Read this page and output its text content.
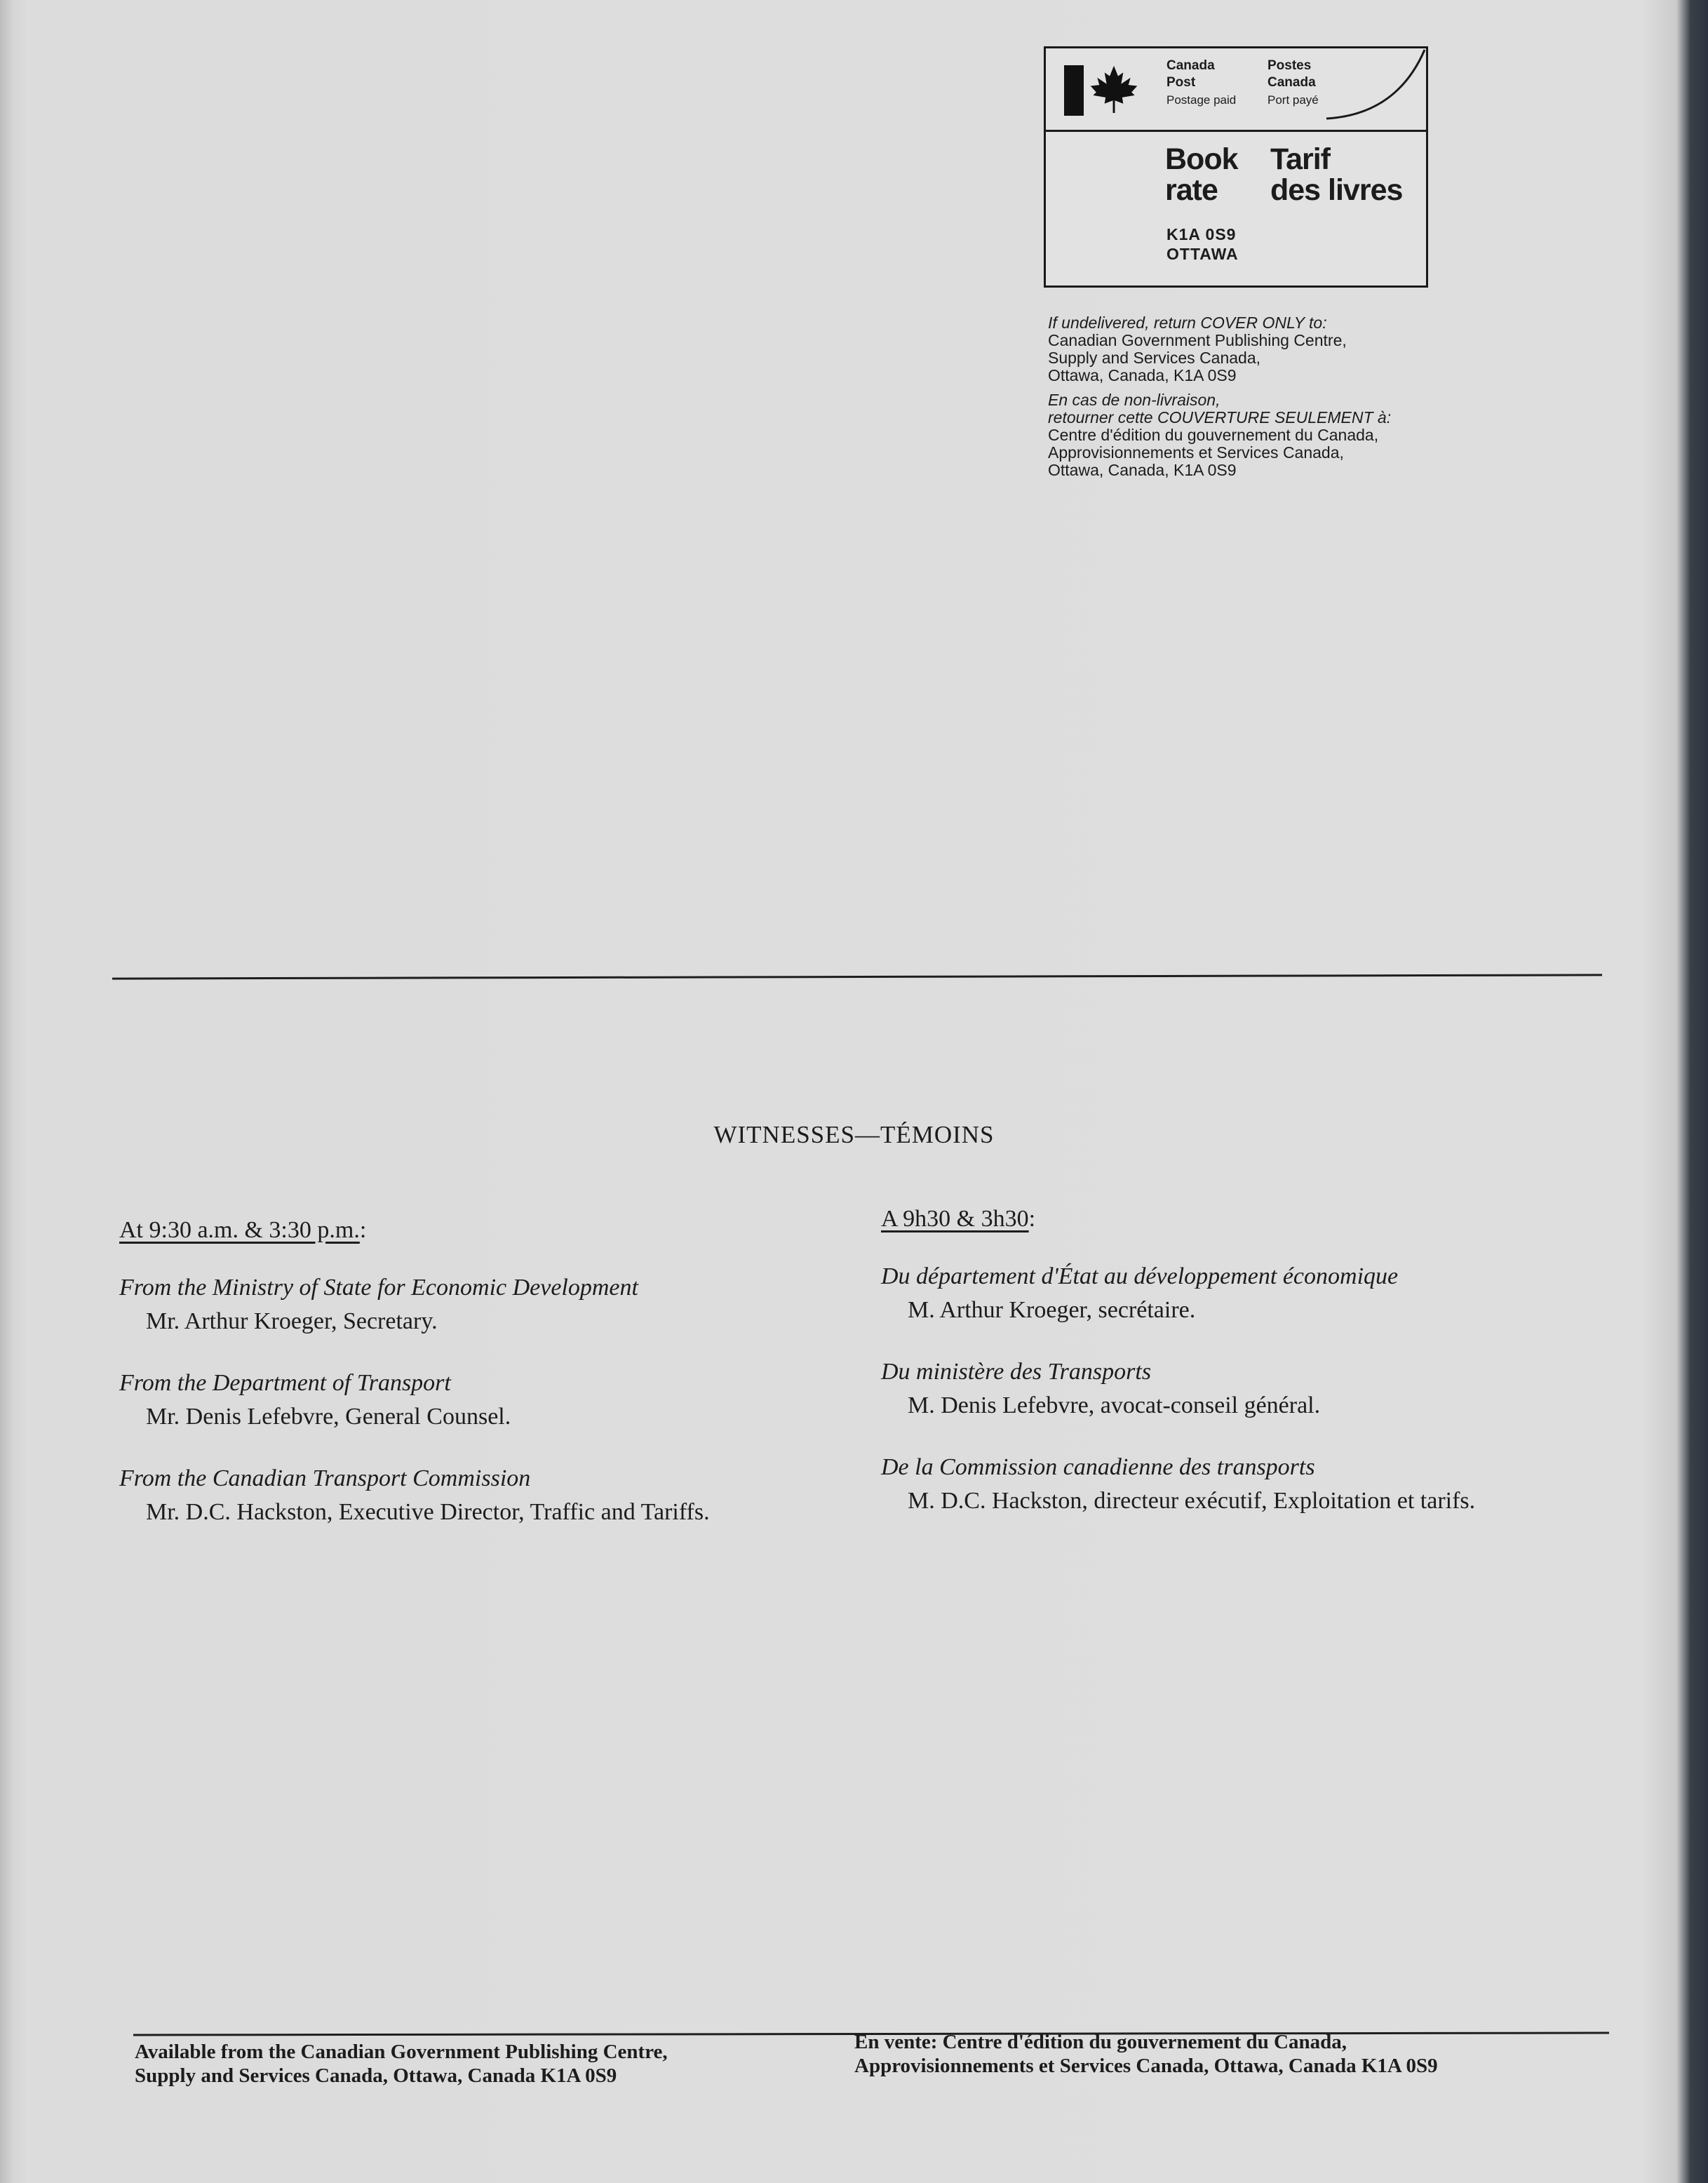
Canada
Post
Postage paid
Postes
Canada
Port payé
Book
rate
Tarif
des livres
K1A 0S9
OTTAWA
If undelivered, return COVER ONLY to:
Canadian Government Publishing Centre,
Supply and Services Canada,
Ottawa, Canada, K1A 0S9
En cas de non-livraison,
retourner cette COUVERTURE SEULEMENT à:
Centre d'édition du gouvernement du Canada,
Approvisionnements et Services Canada,
Ottawa, Canada, K1A 0S9
WITNESSES—TÉMOINS
At 9:30 a.m. & 3:30 p.m.:
From the Ministry of State for Economic Development
Mr. Arthur Kroeger, Secretary.
From the Department of Transport
Mr. Denis Lefebvre, General Counsel.
From the Canadian Transport Commission
Mr. D.C. Hackston, Executive Director, Traffic and Tariffs.
A 9h30 & 3h30:
Du département d'État au développement économique
M. Arthur Kroeger, secrétaire.
Du ministère des Transports
M. Denis Lefebvre, avocat-conseil général.
De la Commission canadienne des transports
M. D.C. Hackston, directeur exécutif, Exploitation et tarifs.
Available from the Canadian Government Publishing Centre,
Supply and Services Canada, Ottawa, Canada K1A 0S9
En vente: Centre d'édition du gouvernement du Canada,
Approvisionnements et Services Canada, Ottawa, Canada K1A 0S9
